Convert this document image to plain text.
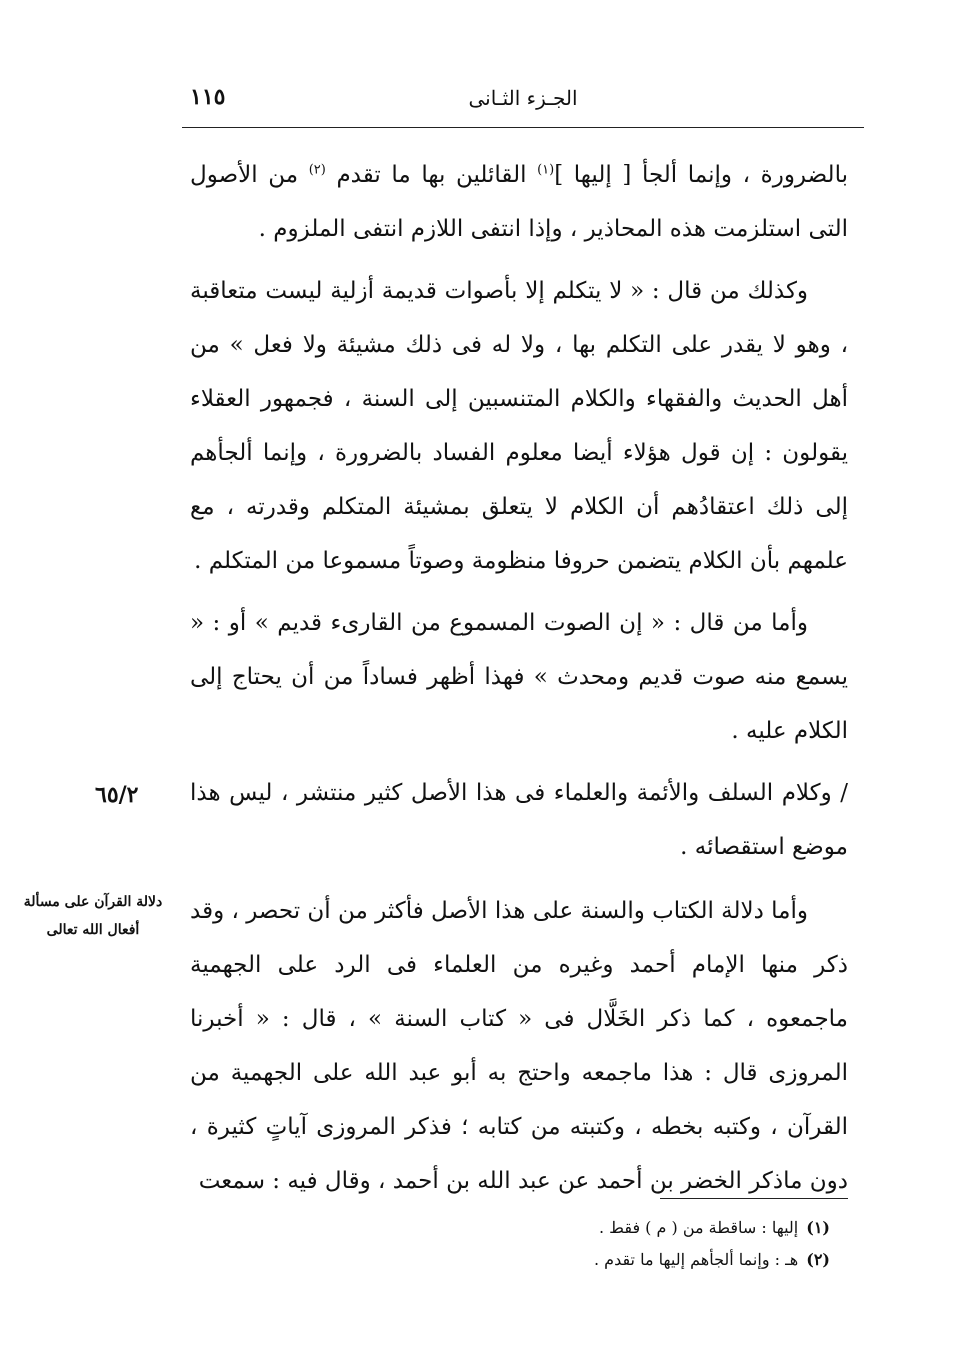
١١٥	الجـزء الثـانى
٦٥/٢
دلالة القرآن على مسألة أفعال الله تعالى

بالضرورة ، وإنما ألجأ [ إليها ]$^{(١)}$ القائلين بها ما تقدم $^{(٢)}$ من الأصول التى استلزمت هذه المحاذير ، وإذا انتفى اللازم انتفى الملزوم .

وكذلك من قال : « لا يتكلم إلا بأصوات قديمة أزلية ليست متعاقبة ، وهو لا يقدر على التكلم بها ، ولا له فى ذلك مشيئة ولا فعل » من أهل الحديث والفقهاء والكلام المتنسبين إلى السنة ، فجمهور العقلاء يقولون : إن قول هؤلاء أيضا معلوم الفساد بالضرورة ، وإنما ألجأهم إلى ذلك اعتقادُهم أن الكلام لا يتعلق بمشيئة المتكلم وقدرته ، مع علمهم بأن الكلام يتضمن حروفا منظومة وصوتاً مسموعا من المتكلم .

وأما من قال : « إن الصوت المسموع من القارىء قديم » أو : « يسمع منه صوت قديم ومحدث » فهذا أظهر فساداً من أن يحتاج إلى الكلام عليه .

/ وكلام السلف والأئمة والعلماء فى هذا الأصل كثير منتشر ، ليس هذا موضع استقصائه .

وأما دلالة الكتاب والسنة على هذا الأصل فأكثر من أن تحصر ، وقد ذكر منها الإمام أحمد وغيره من العلماء فى الرد على الجهمية ماجمعوه ، كما ذكر الخَلَّال فى « كتاب السنة » ، قال : « أخبرنا المروزى قال : هذا ماجمعه واحتج به أبو عبد الله على الجهمية من القرآن ، وكتبه بخطه ، وكتبته من كتابه ؛ فذكر المروزى آياتٍ كثيرة ، دون ماذكر الخضر بن أحمد عن عبد الله بن أحمد ، وقال فيه : سمعت

(١)إليها : ساقطة من ( م ) فقط .

(٢)هـ : وإنما ألجأهم إليها ما تقدم .
